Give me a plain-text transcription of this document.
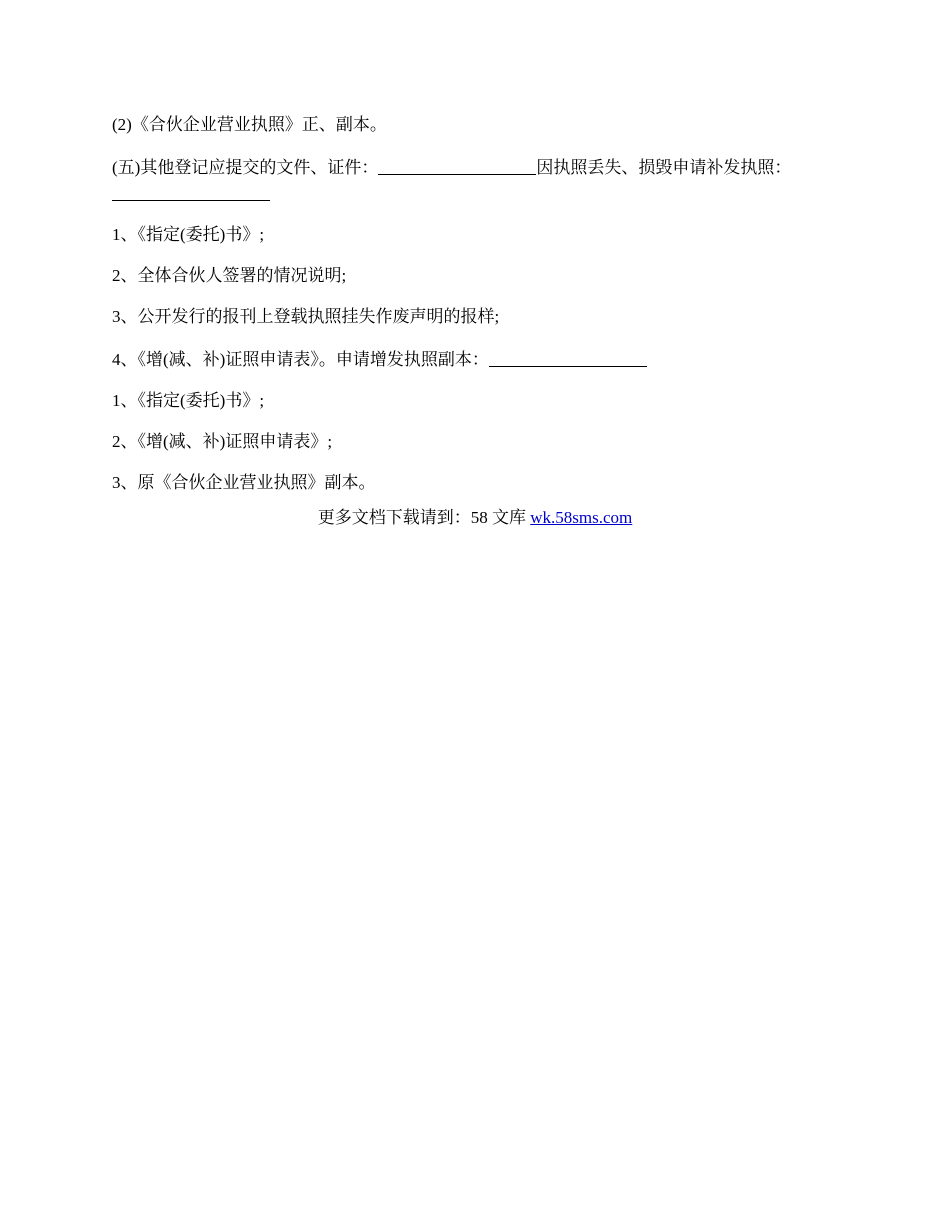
(2)《合伙企业营业执照》正、副本。

(五)其他登记应提交的文件、证件：	因执照丢失、损毁申请补发执照：

1、《指定(委托)书》;

2、全体合伙人签署的情况说明;

3、公开发行的报刊上登载执照挂失作废声明的报样;

4、《增(减、补)证照申请表》。申请增发执照副本：

1、《指定(委托)书》;

2、《增(减、补)证照申请表》;

3、原《合伙企业营业执照》副本。

更多文档下载请到：58 文库 wk.58sms.com
